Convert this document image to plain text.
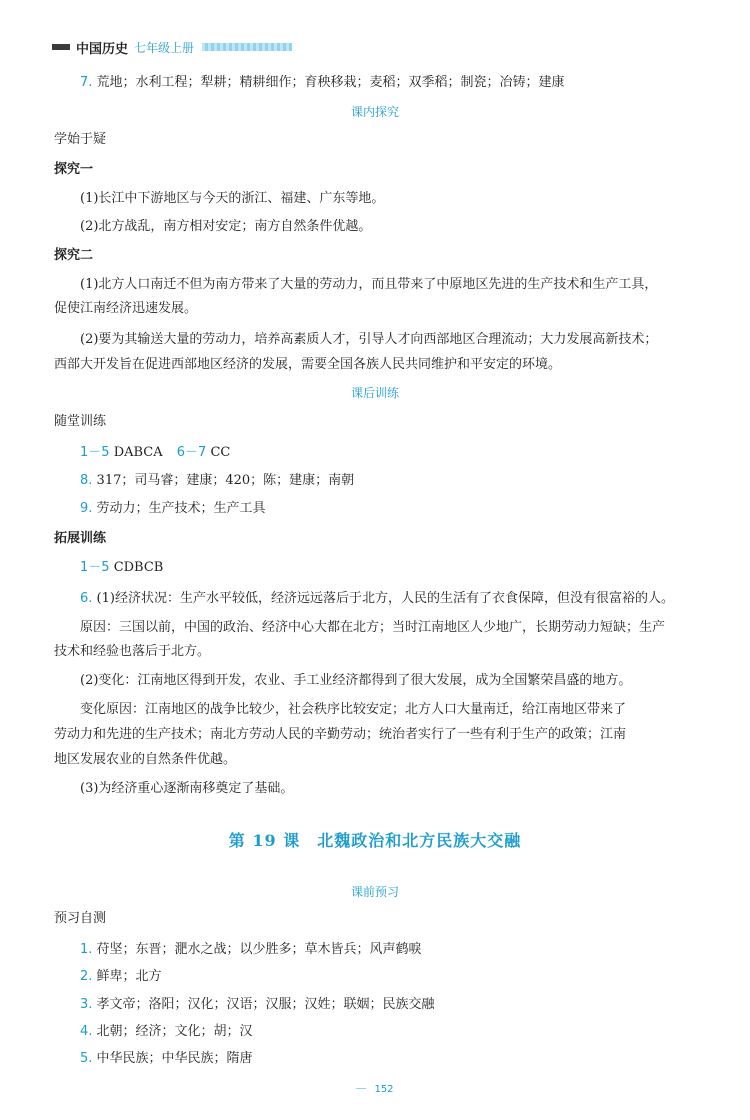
中国历史 七年级上册
7. 荒地；水利工程；犁耕；精耕细作；育秧移栽；麦稻；双季稻；制瓷；冶铸；建康
课内探究
学始于疑
探究一
(1)长江中下游地区与今天的浙江、福建、广东等地。
(2)北方战乱，南方相对安定；南方自然条件优越。
探究二
(1)北方人口南迁不但为南方带来了大量的劳动力，而且带来了中原地区先进的生产技术和生产工具，
促使江南经济迅速发展。
(2)要为其输送大量的劳动力，培养高素质人才，引导人才向西部地区合理流动；大力发展高新技术；
西部大开发旨在促进西部地区经济的发展，需要全国各族人民共同维护和平安定的环境。
课后训练
随堂训练
1－5 DABCA 6－7 CC
8. 317；司马睿；建康；420；陈；建康；南朝
9. 劳动力；生产技术；生产工具
拓展训练
1－5 CDBCB
6. (1)经济状况：生产水平较低，经济远远落后于北方，人民的生活有了衣食保障，但没有很富裕的人。
原因：三国以前，中国的政治、经济中心大都在北方；当时江南地区人少地广，长期劳动力短缺；生产
技术和经验也落后于北方。
(2)变化：江南地区得到开发，农业、手工业经济都得到了很大发展，成为全国繁荣昌盛的地方。
变化原因：江南地区的战争比较少，社会秩序比较安定；北方人口大量南迁，给江南地区带来了
劳动力和先进的生产技术；南北方劳动人民的辛勤劳动；统治者实行了一些有利于生产的政策；江南
地区发展农业的自然条件优越。
(3)为经济重心逐渐南移奠定了基础。
第 19 课　北魏政治和北方民族大交融
课前预习
预习自测
1. 苻坚；东晋；淝水之战；以少胜多；草木皆兵；风声鹤唳
2. 鲜卑；北方
3. 孝文帝；洛阳；汉化；汉语；汉服；汉姓；联姻；民族交融
4. 北朝；经济；文化；胡；汉
5. 中华民族；中华民族；隋唐
152
